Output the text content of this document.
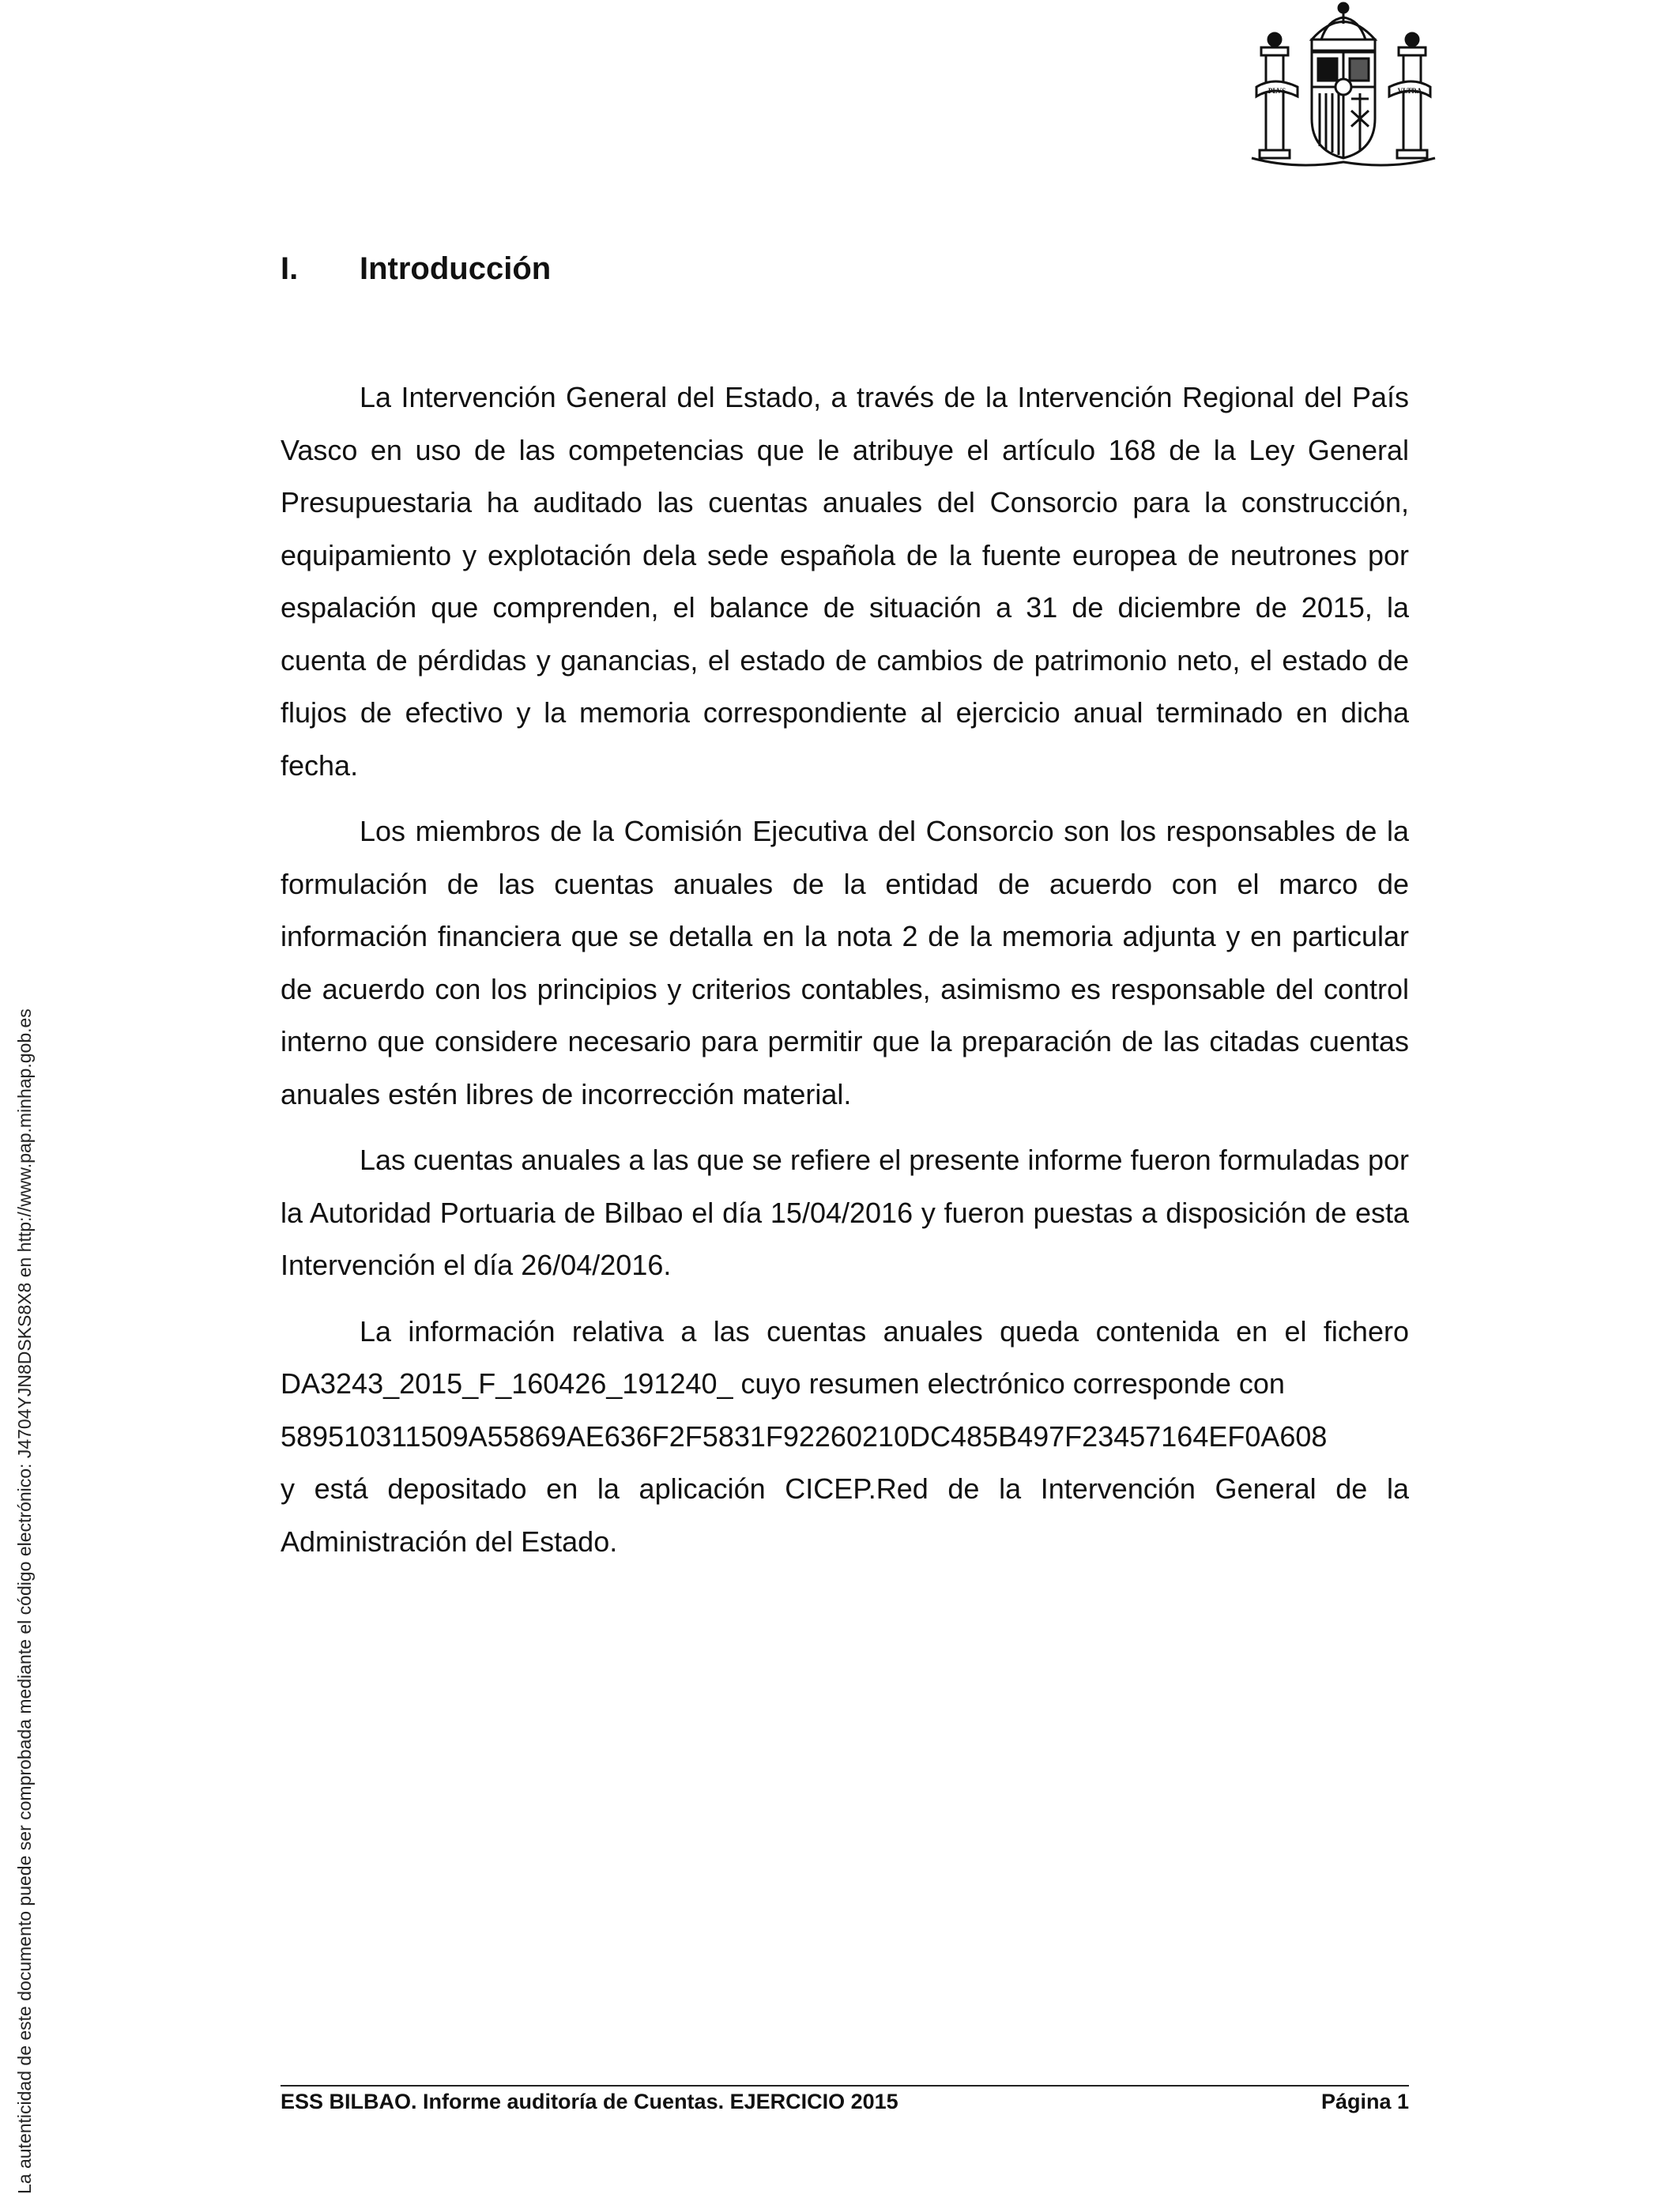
PLVS	VLTRA
La autenticidad de este documento puede ser comprobada mediante el código electrónico: J4704YJN8DSKS8X8 en http://www.pap.minhap.gob.es
I.	Introducción

La Intervención General del Estado, a través de la Intervención Regional del País Vasco en uso de las competencias que le atribuye el artículo 168 de la Ley General Presupuestaria ha auditado las cuentas anuales del Consorcio para la construcción, equipamiento y explotación dela sede española de la fuente europea de neutrones por espalación que comprenden, el balance de situación a 31 de diciembre de 2015, la cuenta de pérdidas y ganancias, el estado de cambios de patrimonio neto, el estado de flujos de efectivo y la memoria correspondiente al ejercicio anual terminado en dicha fecha.

Los miembros de la Comisión Ejecutiva del Consorcio son los responsables de la formulación de las cuentas anuales de la entidad de acuerdo con el marco de información financiera que se detalla en la nota 2 de la memoria adjunta y en particular de acuerdo con los principios y criterios contables, asimismo es responsable del control interno que considere necesario para permitir que la preparación de las citadas cuentas anuales estén libres de incorrección material.

Las cuentas anuales a las que se refiere el presente informe fueron formuladas por la Autoridad Portuaria de Bilbao el día 15/04/2016 y fueron puestas a disposición de esta Intervención el día 26/04/2016.

La información relativa a las cuentas anuales queda contenida en el fichero DA3243_2015_F_160426_191240_ cuyo resumen electrónico corresponde con

589510311509A55869AE636F2F5831F92260210DC485B497F23457164EF0A608

y está depositado en la aplicación CICEP.Red de la Intervención General de la Administración del Estado.

ESS BILBAO. Informe auditoría de Cuentas. EJERCICIO 2015	Página 1
